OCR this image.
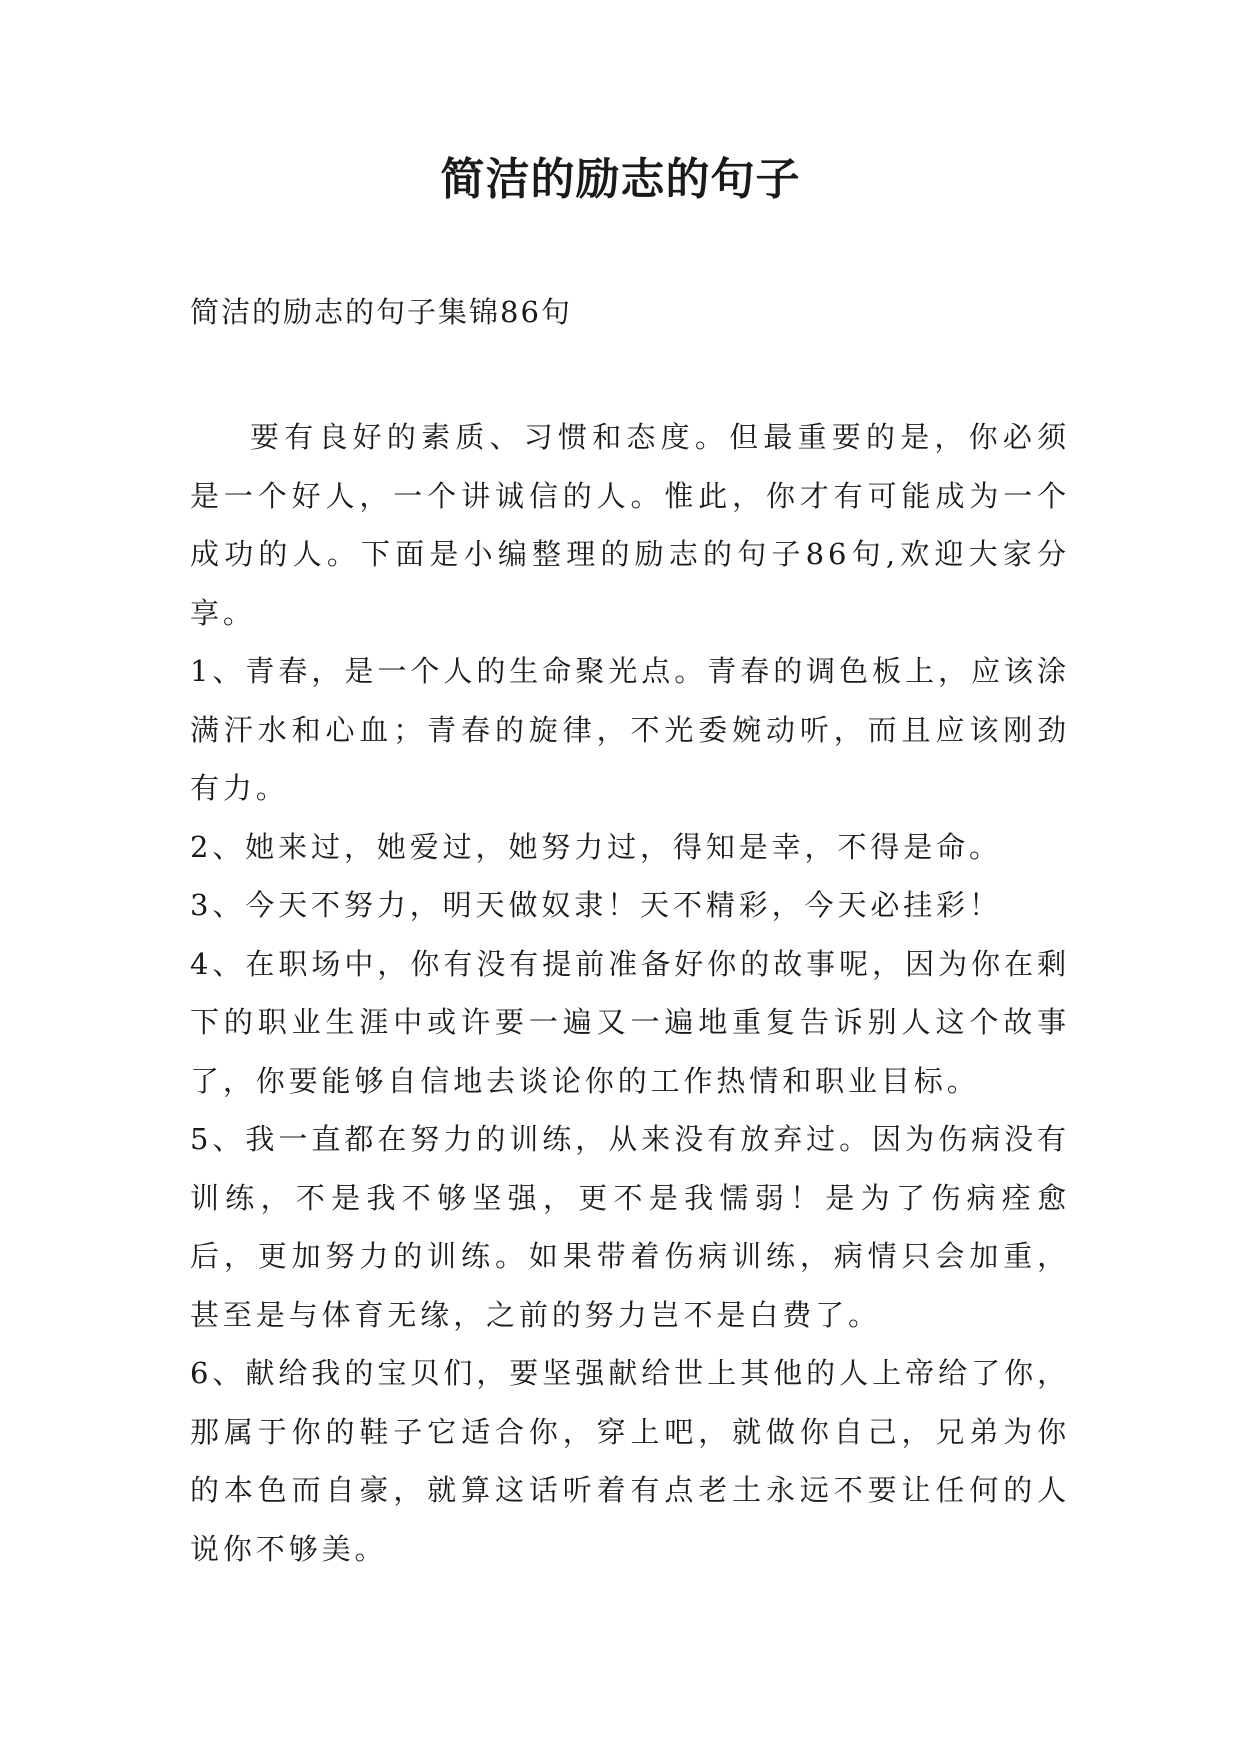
简洁的励志的句子
简洁的励志的句子集锦86句

要有良好的素质、习惯和态度。但最重要的是，你必须是一个好人，一个讲诚信的人。惟此，你才有可能成为一个成功的人。下面是小编整理的励志的句子86句,欢迎大家分享。

1、青春，是一个人的生命聚光点。青春的调色板上，应该涂满汗水和心血；青春的旋律，不光委婉动听，而且应该刚劲有力。

2、她来过，她爱过，她努力过，得知是幸，不得是命。

3、今天不努力，明天做奴隶！天不精彩，今天必挂彩！

4、在职场中，你有没有提前准备好你的故事呢，因为你在剩下的职业生涯中或许要一遍又一遍地重复告诉别人这个故事了，你要能够自信地去谈论你的工作热情和职业目标。

5、我一直都在努力的训练，从来没有放弃过。因为伤病没有训练，不是我不够坚强，更不是我懦弱！是为了伤病痊愈后，更加努力的训练。如果带着伤病训练，病情只会加重，甚至是与体育无缘，之前的努力岂不是白费了。

6、献给我的宝贝们，要坚强献给世上其他的人上帝给了你，那属于你的鞋子它适合你，穿上吧，就做你自己，兄弟为你的本色而自豪，就算这话听着有点老土永远不要让任何的人说你不够美。
